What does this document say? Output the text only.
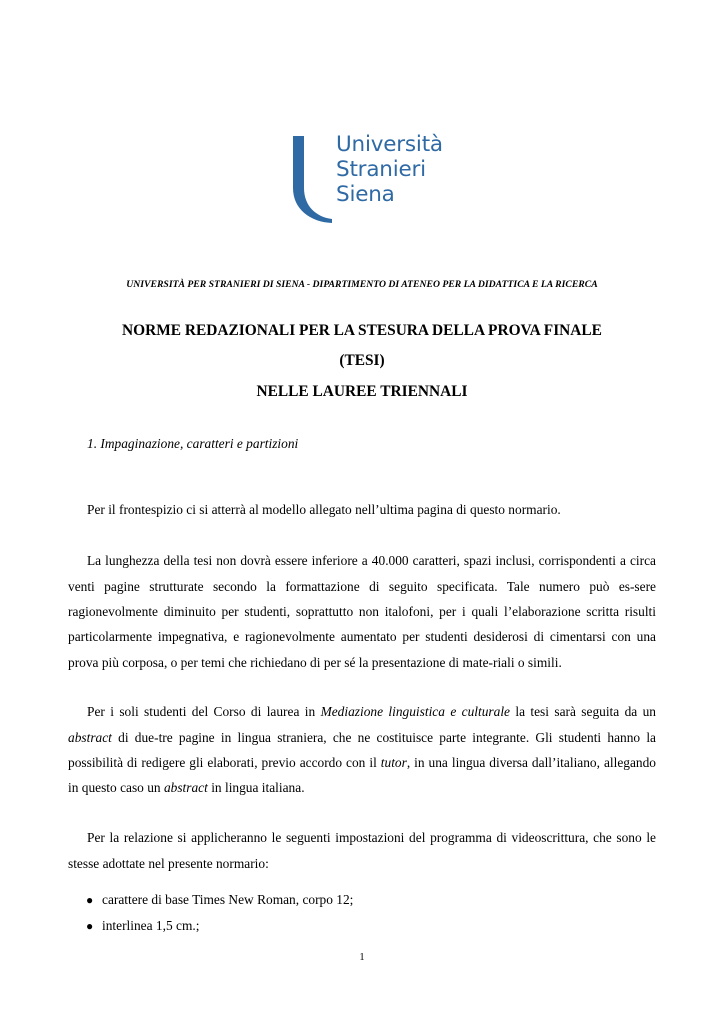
Università
Stranieri
Siena
UNIVERSITÀ PER STRANIERI DI SIENA - DIPARTIMENTO DI ATENEO PER LA DIDATTICA E LA RICERCA
NORME REDAZIONALI PER LA STESURA DELLA PROVA FINALE
(TESI)
NELLE LAUREE TRIENNALI
1. Impaginazione, caratteri e partizioni

Per il frontespizio ci si atterrà al modello allegato nell’ultima pagina di questo normario.

La lunghezza della tesi non dovrà essere inferiore a 40.000 caratteri, spazi inclusi, corrispondenti a circa venti pagine strutturate secondo la formattazione di seguito specificata. Tale numero può es-sere ragionevolmente diminuito per studenti, soprattutto non italofoni, per i quali l’elaborazione scritta risulti particolarmente impegnativa, e ragionevolmente aumentato per studenti desiderosi di cimentarsi con una prova più corposa, o per temi che richiedano di per sé la presentazione di mate-riali o simili.

Per i soli studenti del Corso di laurea in Mediazione linguistica e culturale la tesi sarà seguita da un abstract di due-tre pagine in lingua straniera, che ne costituisce parte integrante. Gli studenti hanno la possibilità di redigere gli elaborati, previo accordo con il tutor, in una lingua diversa dall’italiano, allegando in questo caso un abstract in lingua italiana.

Per la relazione si applicheranno le seguenti impostazioni del programma di videoscrittura, che sono le stesse adottate nel presente normario:

● carattere di base Times New Roman, corpo 12;
● interlinea 1,5 cm.;
1
